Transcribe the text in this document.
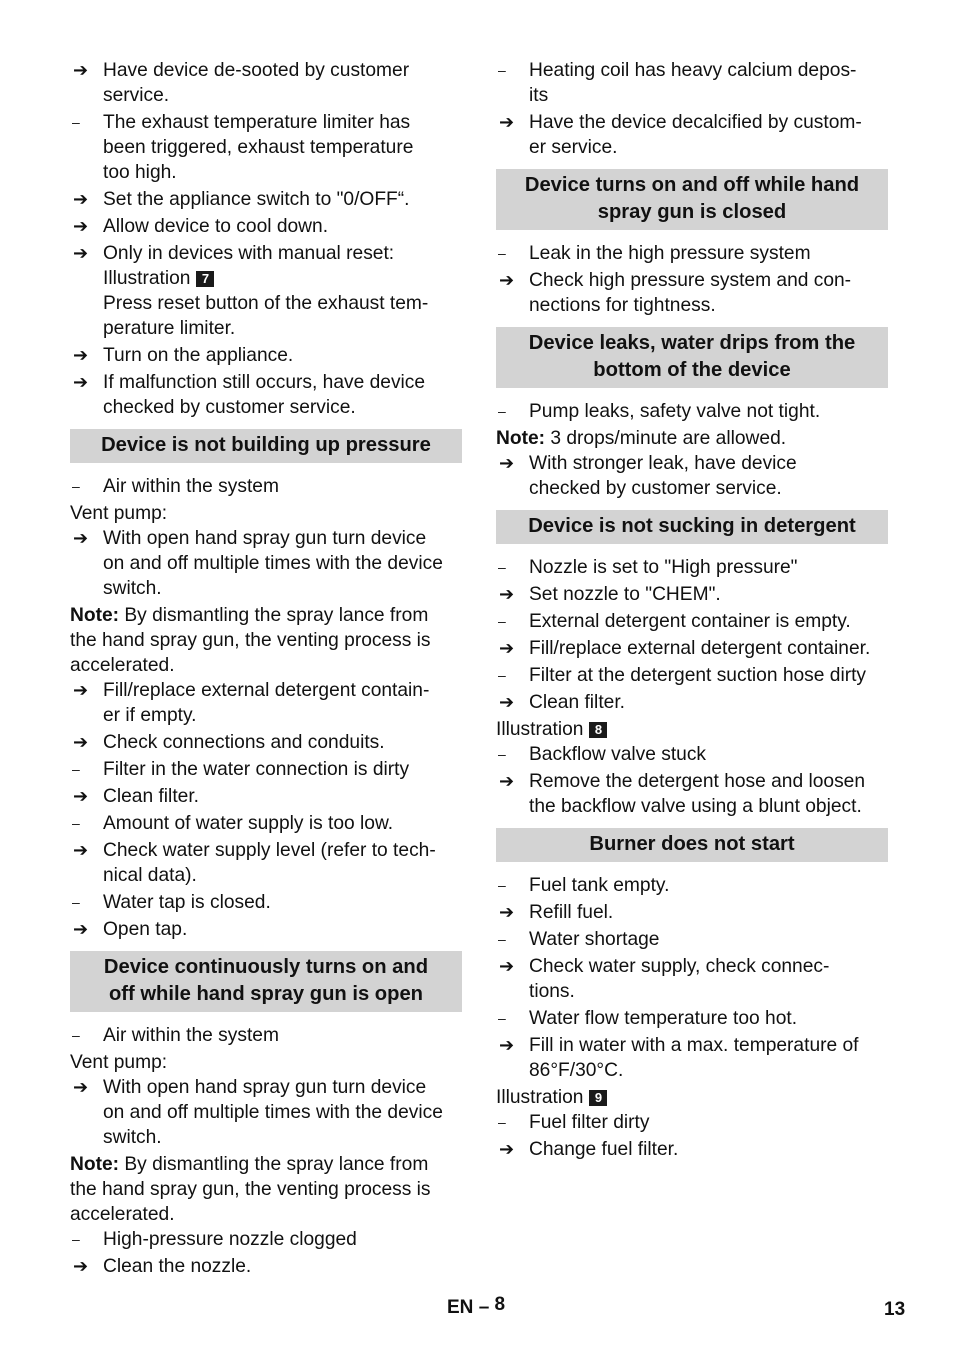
➔ Have device de-sooted by customer
service.
–	The exhaust temperature limiter has
been triggered, exhaust temperature
too high.
➔ Set the appliance switch to "0/OFF“.
➔ Allow device to cool down.
➔ Only in devices with manual reset:
Illustration 7
Press reset button of the exhaust tem-
perature limiter.
➔ Turn on the appliance.
➔ If malfunction still occurs, have device
checked by customer service.
Device is not building up pressure
–	Air within the system
Vent pump:
➔ With open hand spray gun turn device
on and off multiple times with the device
switch.
Note: By dismantling the spray lance from
the hand spray gun, the venting process is
accelerated.
➔ Fill/replace external detergent contain-
er if empty.
➔ Check connections and conduits.
–	Filter in the water connection is dirty
➔ Clean filter.
–	Amount of water supply is too low.
➔ Check water supply level (refer to tech-
nical data).
–	Water tap is closed.
➔ Open tap.
Device continuously turns on and
off while hand spray gun is open
–	Air within the system
Vent pump:
➔ With open hand spray gun turn device
on and off multiple times with the device
switch.
Note: By dismantling the spray lance from
the hand spray gun, the venting process is
accelerated.
–	High-pressure nozzle clogged
➔ Clean the nozzle.
–	Heating coil has heavy calcium depos-
its
➔ Have the device decalcified by custom-
er service.
Device turns on and off while hand
spray gun is closed
–	Leak in the high pressure system
➔ Check high pressure system and con-
nections for tightness.
Device leaks, water drips from the
bottom of the device
–	Pump leaks, safety valve not tight.
Note: 3 drops/minute are allowed.
➔ With stronger leak, have device
checked by customer service.
Device is not sucking in detergent
–	Nozzle is set to "High pressure"
➔ Set nozzle to "CHEM".
–	External detergent container is empty.
➔ Fill/replace external detergent container.
–	Filter at the detergent suction hose dirty
➔ Clean filter.
Illustration 8
–	Backflow valve stuck
➔ Remove the detergent hose and loosen
the backflow valve using a blunt object.
Burner does not start
–	Fuel tank empty.
➔ Refill fuel.
–	Water shortage
➔ Check water supply, check connec-
tions.
–	Water flow temperature too hot.
➔ Fill in water with a max. temperature of
86°F/30°C.
Illustration 9
–	Fuel filter dirty
➔ Change fuel filter.
EN – 8	13
